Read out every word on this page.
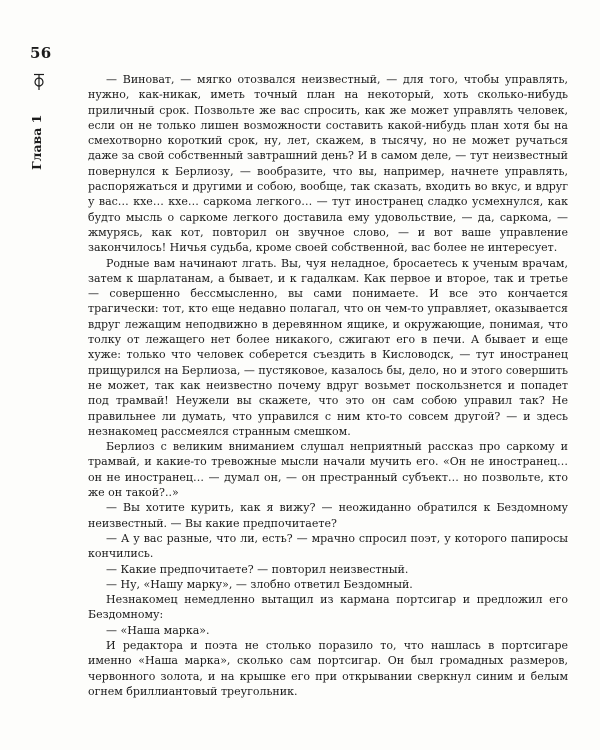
56
Глава 1

— Виноват, — мягко отозвался неизвестный, — для того, чтобы управлять, нужно, как-никак, иметь точный план на некоторый, хоть сколько-нибудь приличный срок. Позвольте же вас спросить, как же может управлять человек, если он не только лишен возможности составить какой-нибудь план хотя бы на смехотворно короткий срок, ну, лет, скажем, в тысячу, но не может ручаться даже за свой собственный завтрашний день? И в самом деле, — тут неизвестный повернулся к Берлиозу, — вообразите, что вы, например, начнете управлять, распоряжаться и другими и собою, вообще, так сказать, входить во вкус, и вдруг у вас… кхе… кхе… саркома легкого… — тут иностранец сладко усмехнулся, как будто мысль о саркоме легкого доставила ему удовольствие, — да, саркома, — жмурясь, как кот, повторил он звучное слово, — и вот ваше управление закончилось! Ничья судьба, кроме своей собственной, вас более не интересует.

Родные вам начинают лгать. Вы, чуя неладное, бросаетесь к ученым врачам, затем к шарлатанам, а бывает, и к гадалкам. Как первое и второе, так и третье — совершенно бессмысленно, вы сами понимаете. И все это кончается трагически: тот, кто еще недавно полагал, что он чем-то управляет, оказывается вдруг лежащим неподвижно в деревянном ящике, и окружающие, понимая, что толку от лежащего нет более никакого, сжигают его в печи. А бывает и еще хуже: только что человек соберется съездить в Кисловодск, — тут иностранец прищурился на Берлиоза, — пустяковое, казалось бы, дело, но и этого совершить не может, так как неизвестно почему вдруг возьмет поскользнется и попадет под трамвай! Неужели вы скажете, что это он сам собою управил так? Не правильнее ли думать, что управился с ним кто-то совсем другой? — и здесь незнакомец рассмеялся странным смешком.

Берлиоз с великим вниманием слушал неприятный рассказ про саркому и трамвай, и какие-то тревожные мысли начали мучить его. «Он не иностранец… он не иностранец… — думал он, — он престранный субъект… но позвольте, кто же он такой?..»

— Вы хотите курить, как я вижу? — неожиданно обратился к Бездомному неизвестный. — Вы какие предпочитаете?

— А у вас разные, что ли, есть? — мрачно спросил поэт, у которого папиросы кончились.

— Какие предпочитаете? — повторил неизвестный.

— Ну, «Нашу марку», — злобно ответил Бездомный.

Незнакомец немедленно вытащил из кармана портсигар и предложил его Бездомному:

— «Наша марка».

И редактора и поэта не столько поразило то, что нашлась в портсигаре именно «Наша марка», сколько сам портсигар. Он был громадных размеров, червонного золота, и на крышке его при открывании сверкнул синим и белым огнем бриллиантовый треугольник.
